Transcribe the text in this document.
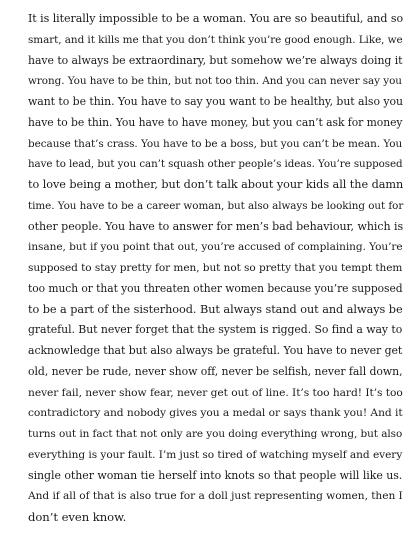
It is literally impossible to be a woman. You are so beautiful, and so
smart, and it kills me that you don’t think you’re good enough. Like, we
have to always be extraordinary, but somehow we’re always doing it
wrong. You have to be thin, but not too thin. And you can never say you
want to be thin. You have to say you want to be healthy, but also you
have to be thin. You have to have money, but you can’t ask for money
because that’s crass. You have to be a boss, but you can’t be mean. You
have to lead, but you can’t squash other people’s ideas. You’re supposed
to love being a mother, but don’t talk about your kids all the damn
time. You have to be a career woman, but also always be looking out for
other people. You have to answer for men’s bad behaviour, which is
insane, but if you point that out, you’re accused of complaining. You’re
supposed to stay pretty for men, but not so pretty that you tempt them
too much or that you threaten other women because you’re supposed
to be a part of the sisterhood. But always stand out and always be
grateful. But never forget that the system is rigged. So find a way to
acknowledge that but also always be grateful. You have to never get
old, never be rude, never show off, never be selfish, never fall down,
never fail, never show fear, never get out of line. It’s too hard! It’s too
contradictory and nobody gives you a medal or says thank you! And it
turns out in fact that not only are you doing everything wrong, but also
everything is your fault. I’m just so tired of watching myself and every
single other woman tie herself into knots so that people will like us.
And if all of that is also true for a doll just representing women, then I
don’t even know.
